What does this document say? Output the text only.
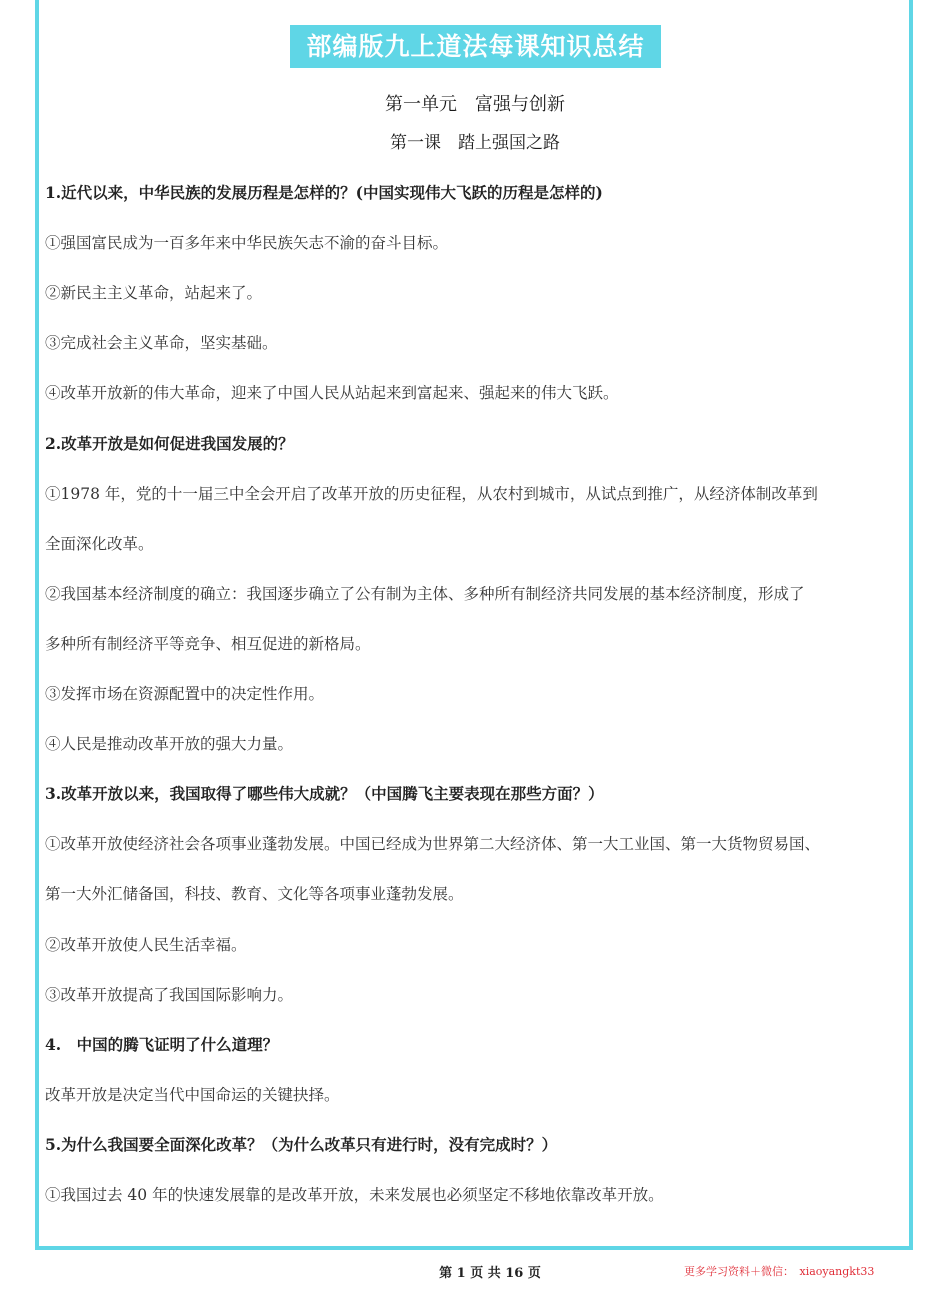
部编版九上道法每课知识总结
第一单元　富强与创新
第一课　踏上强国之路
1.近代以来，中华民族的发展历程是怎样的？(中国实现伟大飞跃的历程是怎样的)
①强国富民成为一百多年来中华民族矢志不渝的奋斗目标。
②新民主主义革命，站起来了。
③完成社会主义革命，坚实基础。
④改革开放新的伟大革命，迎来了中国人民从站起来到富起来、强起来的伟大飞跃。
2.改革开放是如何促进我国发展的？
①1978 年，党的十一届三中全会开启了改革开放的历史征程，从农村到城市，从试点到推广，从经济体制改革到
全面深化改革。
②我国基本经济制度的确立：我国逐步确立了公有制为主体、多种所有制经济共同发展的基本经济制度，形成了
多种所有制经济平等竞争、相互促进的新格局。
③发挥市场在资源配置中的决定性作用。
④人民是推动改革开放的强大力量。
3.改革开放以来，我国取得了哪些伟大成就？（中国腾飞主要表现在那些方面？）
①改革开放使经济社会各项事业蓬勃发展。中国已经成为世界第二大经济体、第一大工业国、第一大货物贸易国、
第一大外汇储备国，科技、教育、文化等各项事业蓬勃发展。
②改革开放使人民生活幸福。
③改革开放提高了我国国际影响力。
4.　中国的腾飞证明了什么道理？
改革开放是决定当代中国命运的关键抉择。
5.为什么我国要全面深化改革？（为什么改革只有进行时，没有完成时？）
①我国过去 40 年的快速发展靠的是改革开放，未来发展也必须坚定不移地依靠改革开放。
第 1 页 共 16 页	更多学习资料＋微信：　xiaoyangkt33
